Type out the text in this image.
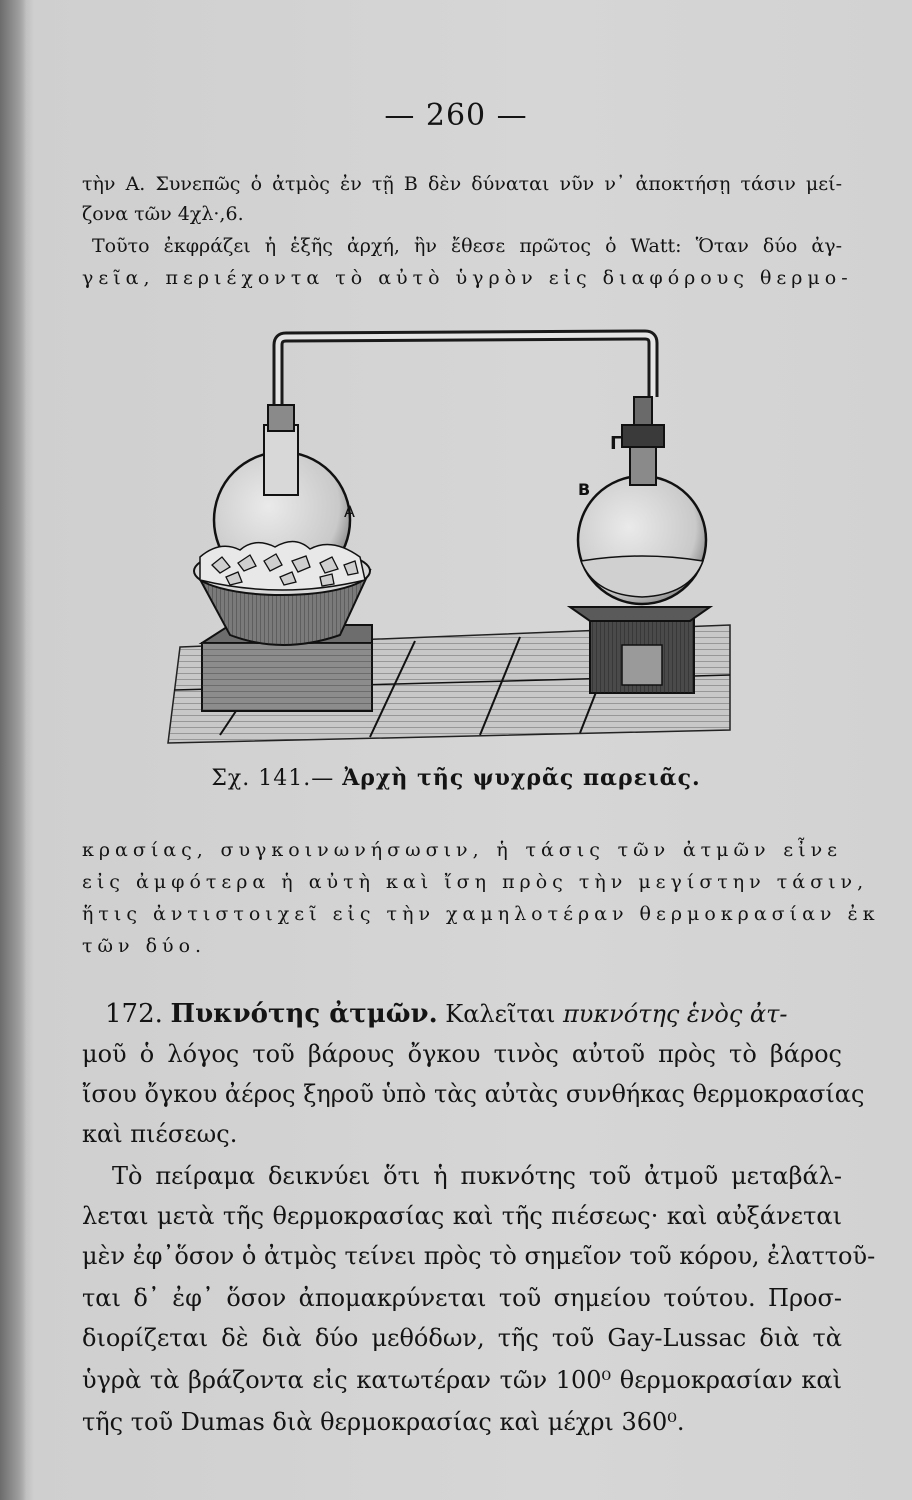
— 260 —
τὴν Α. Συνεπῶς ὁ ἀτμὸς ἐν τῇ Β δὲν δύναται νῦν ν᾽ ἀποκτήσῃ τάσιν μεί-
ζονα τῶν 4χλ·,6.
Τοῦτο ἐκφράζει ἡ ἑξῆς ἀρχή, ἣν ἔθεσε πρῶτος ὁ Watt: Ὅταν δύο ἀγ-
γεῖα, περιέχοντα τὸ αὐτὸ ὑγρὸν εἰς διαφόρους θερμο-
A
Γ
B
Σχ. 141.— Ἀρχὴ τῆς ψυχρᾶς παρειᾶς.
κρασίας, συγκοινωνήσωσιν, ἡ τάσις τῶν ἀτμῶν εἶνε
εἰς ἀμφότερα ἡ αὐτὴ καὶ ἴση πρὸς τὴν μεγίστην τάσιν,
ἥτις ἀντιστοιχεῖ εἰς τὴν χαμηλοτέραν θερμοκρασίαν ἐκ
τῶν δύο.
172. Πυκνότης ἀτμῶν. Καλεῖται πυκνότης ἑνὸς ἀτ-
μοῦ ὁ λόγος τοῦ βάρους ὄγκου τινὸς αὐτοῦ πρὸς τὸ βάρος
ἴσου ὄγκου ἀέρος ξηροῦ ὑπὸ τὰς αὐτὰς συνθήκας θερμοκρασίας
καὶ πιέσεως.
Τὸ πείραμα δεικνύει ὅτι ἡ πυκνότης τοῦ ἀτμοῦ μεταβάλ-
λεται μετὰ τῆς θερμοκρασίας καὶ τῆς πιέσεως· καὶ αὐξάνεται
μὲν ἐφ᾽ὅσον ὁ ἀτμὸς τείνει πρὸς τὸ σημεῖον τοῦ κόρου, ἐλαττοῦ-
ται δ᾽ ἐφ᾽ ὅσον ἀπομακρύνεται τοῦ σημείου τούτου. Προσ-
διορίζεται δὲ διὰ δύο μεθόδων, τῆς τοῦ Gay-Lussac διὰ τὰ
ὑγρὰ τὰ βράζοντα εἰς κατωτέραν τῶν 100⁰ θερμοκρασίαν καὶ
τῆς τοῦ Dumas διὰ θερμοκρασίας καὶ μέχρι 360⁰.
